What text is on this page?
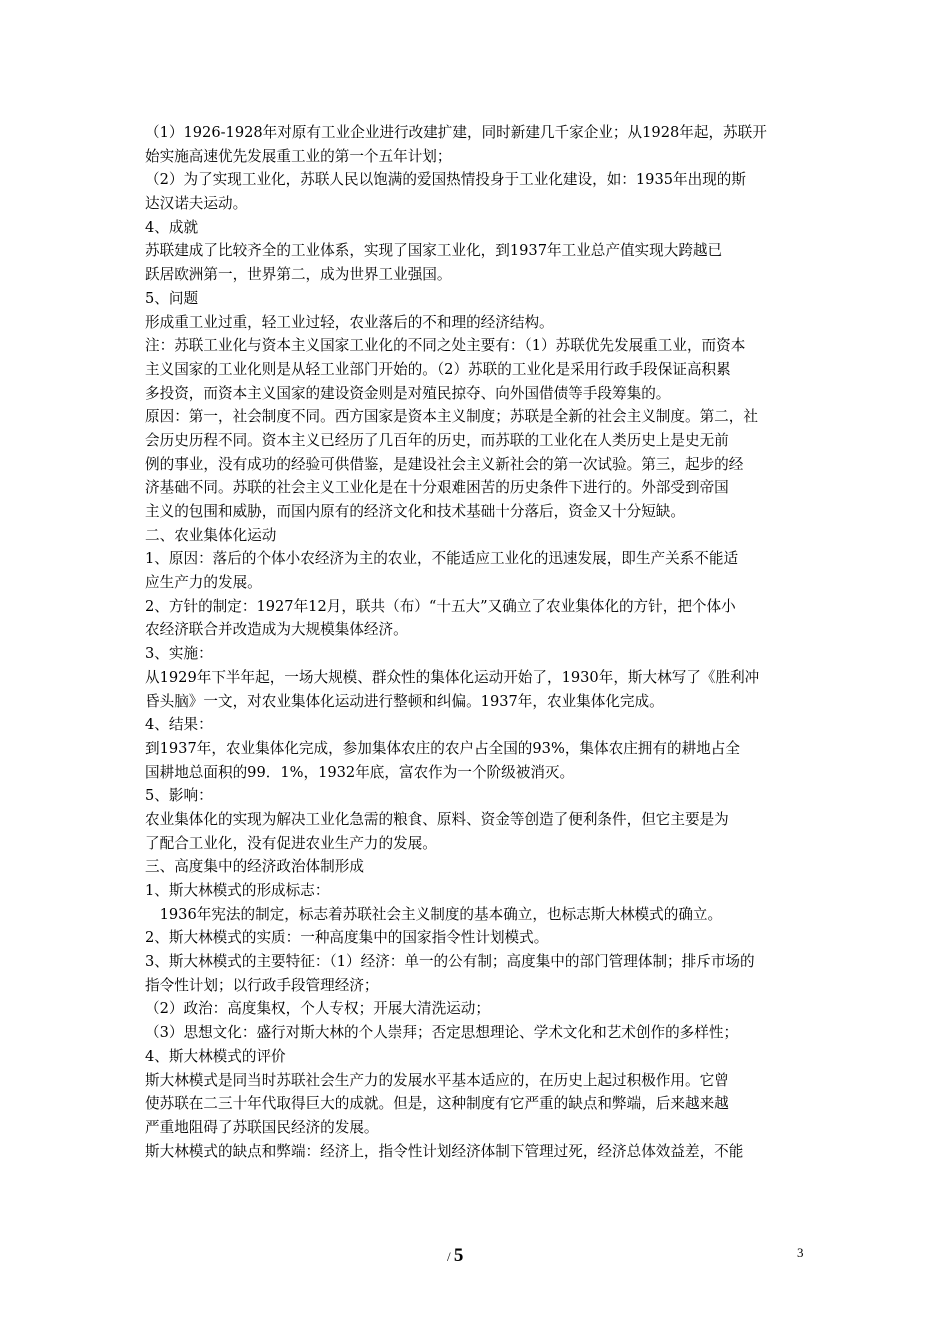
（1）1926-1928年对原有工业企业进行改建扩建，同时新建几千家企业；从1928年起，苏联开
始实施高速优先发展重工业的第一个五年计划；
（2）为了实现工业化，苏联人民以饱满的爱国热情投身于工业化建设，如：1935年出现的斯
达汉诺夫运动。
4、成就
苏联建成了比较齐全的工业体系，实现了国家工业化，到1937年工业总产值实现大跨越已
跃居欧洲第一，世界第二，成为世界工业强国。
5、问题
形成重工业过重，轻工业过轻，农业落后的不和理的经济结构。
注：苏联工业化与资本主义国家工业化的不同之处主要有：（1）苏联优先发展重工业，而资本
主义国家的工业化则是从轻工业部门开始的。（2）苏联的工业化是采用行政手段保证高积累
多投资，而资本主义国家的建设资金则是对殖民掠夺、向外国借债等手段筹集的。
原因：第一，社会制度不同。西方国家是资本主义制度；苏联是全新的社会主义制度。第二，社
会历史历程不同。资本主义已经历了几百年的历史，而苏联的工业化在人类历史上是史无前
例的事业，没有成功的经验可供借鉴，是建设社会主义新社会的第一次试验。第三，起步的经
济基础不同。苏联的社会主义工业化是在十分艰难困苦的历史条件下进行的。外部受到帝国
主义的包围和威胁，而国内原有的经济文化和技术基础十分落后，资金又十分短缺。
二、农业集体化运动
1、原因：落后的个体小农经济为主的农业，不能适应工业化的迅速发展，即生产关系不能适
应生产力的发展。
2、方针的制定：1927年12月，联共（布）“十五大”又确立了农业集体化的方针，把个体小
农经济联合并改造成为大规模集体经济。
3、实施：
从1929年下半年起，一场大规模、群众性的集体化运动开始了，1930年，斯大林写了《胜利冲
昏头脑》一文，对农业集体化运动进行整顿和纠偏。1937年，农业集体化完成。
4、结果：
到1937年，农业集体化完成，参加集体农庄的农户占全国的93%，集体农庄拥有的耕地占全
国耕地总面积的99．1%，1932年底，富农作为一个阶级被消灭。
5、影响：
农业集体化的实现为解决工业化急需的粮食、原料、资金等创造了便利条件，但它主要是为
了配合工业化，没有促进农业生产力的发展。
三、高度集中的经济政治体制形成
1、斯大林模式的形成标志：
　1936年宪法的制定，标志着苏联社会主义制度的基本确立，也标志斯大林模式的确立。
2、斯大林模式的实质：一种高度集中的国家指令性计划模式。
3、斯大林模式的主要特征：（1）经济：单一的公有制；高度集中的部门管理体制；排斥市场的
指令性计划；以行政手段管理经济；
（2）政治：高度集权，个人专权；开展大清洗运动；
（3）思想文化：盛行对斯大林的个人崇拜；否定思想理论、学术文化和艺术创作的多样性；
4、斯大林模式的评价
斯大林模式是同当时苏联社会生产力的发展水平基本适应的，在历史上起过积极作用。它曾
使苏联在二三十年代取得巨大的成就。但是，这种制度有它严重的缺点和弊端，后来越来越
严重地阻碍了苏联国民经济的发展。
斯大林模式的缺点和弊端：经济上，指令性计划经济体制下管理过死，经济总体效益差，不能
/ 5	3
